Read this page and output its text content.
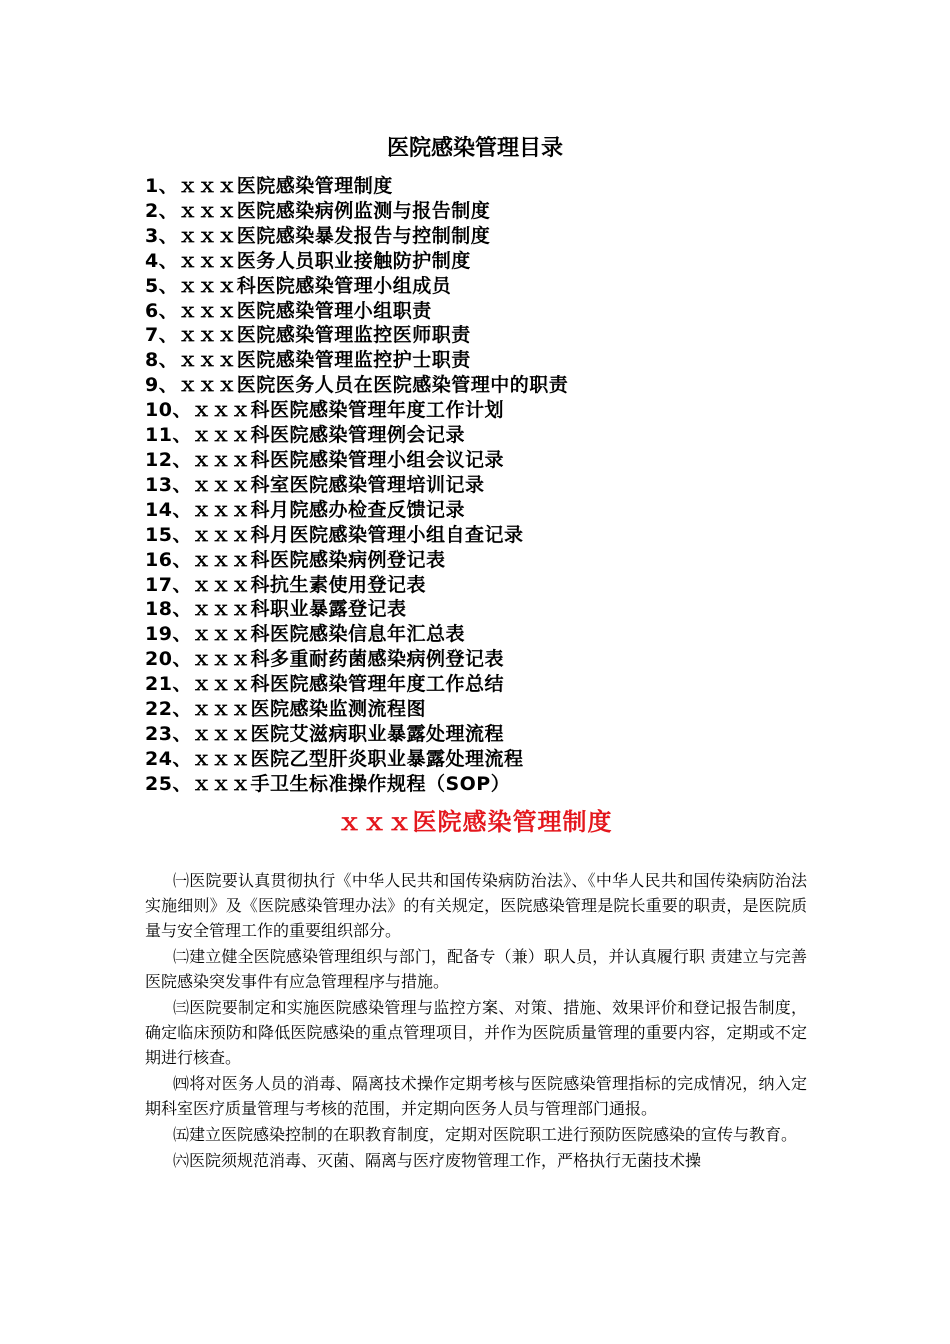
医院感染管理目录
1、ｘｘｘ医院感染管理制度
2、ｘｘｘ医院感染病例监测与报告制度
3、ｘｘｘ医院感染暴发报告与控制制度
4、ｘｘｘ医务人员职业接触防护制度
5、ｘｘｘ科医院感染管理小组成员
6、ｘｘｘ医院感染管理小组职责
7、ｘｘｘ医院感染管理监控医师职责
8、ｘｘｘ医院感染管理监控护士职责
9、ｘｘｘ医院医务人员在医院感染管理中的职责
10、ｘｘｘ科医院感染管理年度工作计划
11、ｘｘｘ科医院感染管理例会记录
12、ｘｘｘ科医院感染管理小组会议记录
13、ｘｘｘ科室医院感染管理培训记录
14、ｘｘｘ科月院感办检查反馈记录
15、ｘｘｘ科月医院感染管理小组自查记录
16、ｘｘｘ科医院感染病例登记表
17、ｘｘｘ科抗生素使用登记表
18、ｘｘｘ科职业暴露登记表
19、ｘｘｘ科医院感染信息年汇总表
20、ｘｘｘ科多重耐药菌感染病例登记表
21、ｘｘｘ科医院感染管理年度工作总结
22、ｘｘｘ医院感染监测流程图
23、ｘｘｘ医院艾滋病职业暴露处理流程
24、ｘｘｘ医院乙型肝炎职业暴露处理流程
25、ｘｘｘ手卫生标准操作规程（SOP）
ｘｘｘ医院感染管理制度

㈠医院要认真贯彻执行《中华人民共和国传染病防治法》、《中华人民共和国传染病防治法实施细则》及《医院感染管理办法》的有关规定，医院感染管理是院长重要的职责，是医院质量与安全管理工作的重要组织部分。

㈡建立健全医院感染管理组织与部门，配备专（兼）职人员，并认真履行职 责建立与完善医院感染突发事件有应急管理程序与措施。

㈢医院要制定和实施医院感染管理与监控方案、对策、措施、效果评价和登记报告制度，确定临床预防和降低医院感染的重点管理项目，并作为医院质量管理的重要内容，定期或不定期进行核查。

㈣将对医务人员的消毒、隔离技术操作定期考核与医院感染管理指标的完成情况，纳入定期科室医疗质量管理与考核的范围，并定期向医务人员与管理部门通报。

㈤建立医院感染控制的在职教育制度，定期对医院职工进行预防医院感染的宣传与教育。

㈥医院须规范消毒、灭菌、隔离与医疗废物管理工作，严格执行无菌技术操
